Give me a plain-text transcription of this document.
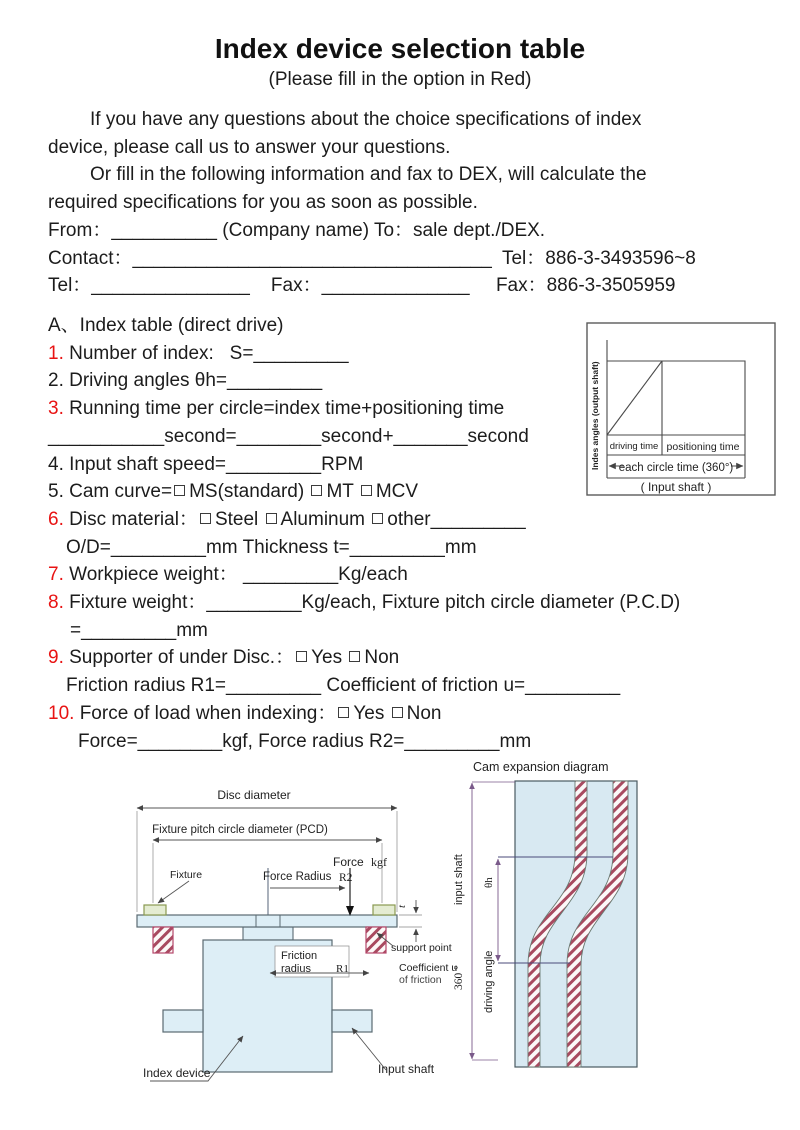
Index device selection table
(Please fill in the option in Red)
If you have any questions about the choice specifications of index
device, please call us to answer your questions.
Or fill in the following information and fax to DEX, will calculate the
required specifications for you as soon as possible.
From：__________ (Company name) To：sale dept./DEX.
Contact：__________________________________  Tel：886-3-3493596~8
Tel：_______________    Fax：______________     Fax：886-3-3505959
A、Index table (direct drive)
1. Number of index:   S=_________
2. Driving angles θh=_________
3. Running time per circle=index time+positioning time
___________second=________second+_______second
4. Input shaft speed=_________RPM
5. Cam curve= MS(standard) MT MCV
6. Disc material： Steel Aluminum other_________
O/D=_________mm Thickness t=_________mm
7. Workpiece weight： _________Kg/each
8. Fixture weight：_________Kg/each, Fixture pitch circle diameter (P.C.D)
=_________mm
9. Supporter of under Disc.： Yes Non
Friction radius R1=_________ Coefficient of friction u=_________
10. Force of load when indexing： Yes Non
Force=________kgf, Force radius R2=_________mm
driving time positioning time
each circle time (360°)
( Input shaft )
Indes angles (output shaft)
Disc diameter
Fixture pitch circle diameter (PCD)
Force kgf
Fixture	Force Radius R2
t
support point
Coefficient u
of friction
Friction
radius R1
Index device	Input shaft
Cam expansion diagram
360 °
input shaft
driving angle
θh
